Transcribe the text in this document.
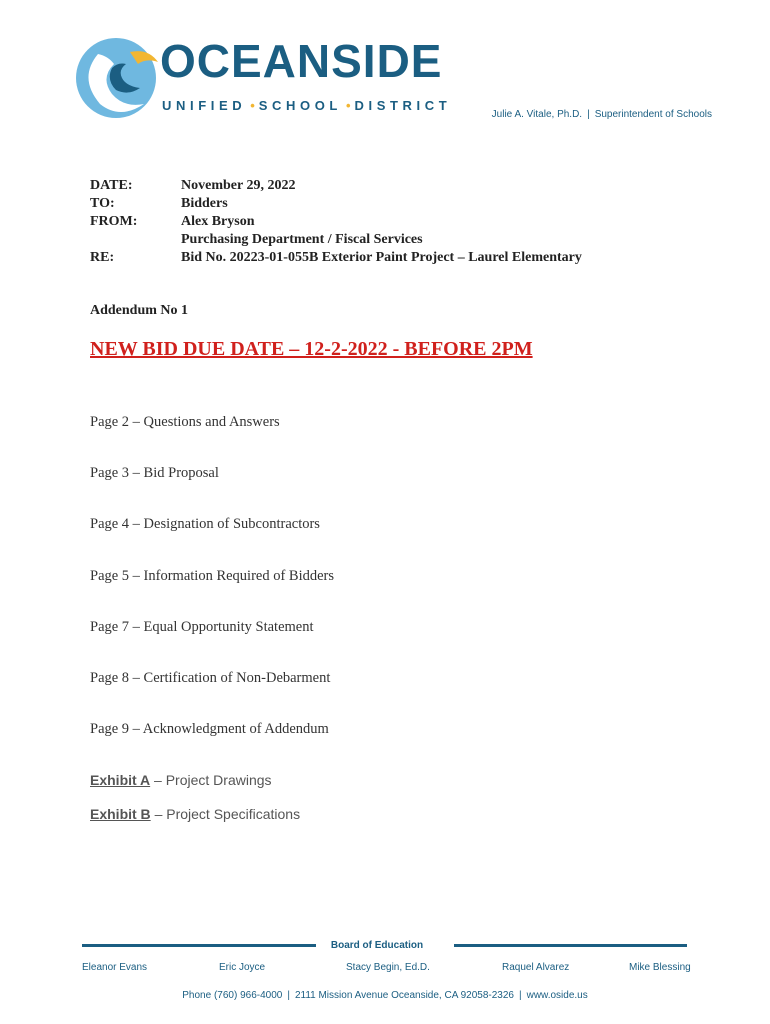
OCEANSIDE
UNIFIED • SCHOOL • DISTRICT
Julie A. Vitale, Ph.D. | Superintendent of Schools
DATE:	November 29, 2022
TO:	Bidders
FROM:	Alex Bryson
Purchasing Department / Fiscal Services
RE:	Bid No. 20223-01-055B Exterior Paint Project – Laurel Elementary
Addendum No 1
NEW BID DUE DATE – 12-2-2022 - BEFORE 2PM
Page 2 – Questions and Answers
Page 3 – Bid Proposal
Page 4 – Designation of Subcontractors
Page 5 – Information Required of Bidders
Page 7 – Equal Opportunity Statement
Page 8 – Certification of Non-Debarment
Page 9 – Acknowledgment of Addendum
Exhibit A – Project Drawings
Exhibit B – Project Specifications
Board of Education
Eleanor Evans	Eric Joyce	Stacy Begin, Ed.D.	Raquel Alvarez	Mike Blessing
Phone (760) 966-4000 | 2111 Mission Avenue Oceanside, CA 92058-2326 | www.oside.us
